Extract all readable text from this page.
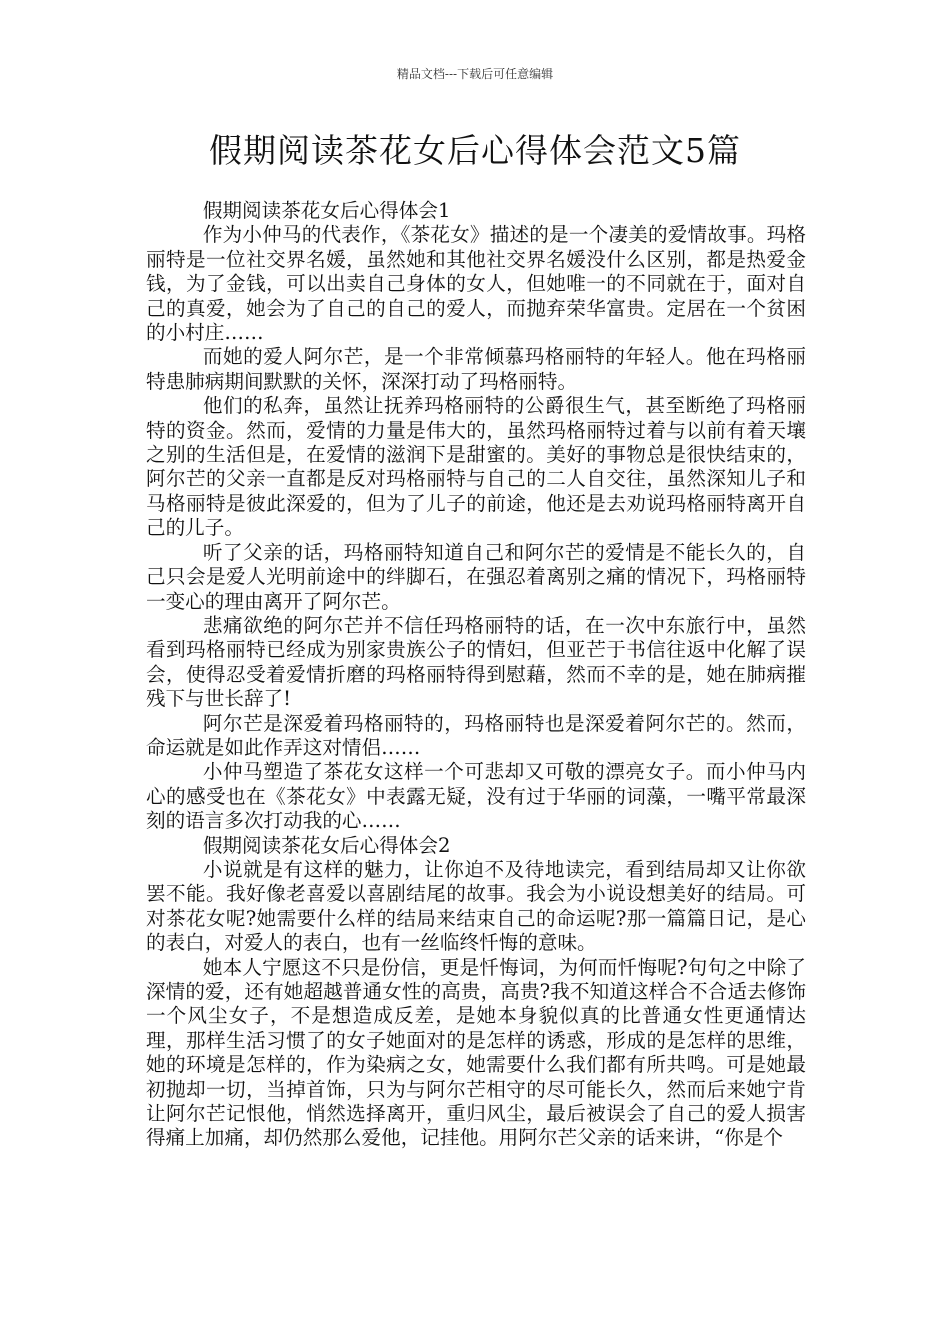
精品文档---下载后可任意编辑
假期阅读茶花女后心得体会范文5篇

假期阅读茶花女后心得体会1

作为小仲马的代表作，《茶花女》描述的是一个凄美的爱情故事。玛格丽特是一位社交界名媛，虽然她和其他社交界名媛没什么区别，都是热爱金钱，为了金钱，可以出卖自己身体的女人，但她唯一的不同就在于，面对自己的真爱，她会为了自己的自己的爱人，而抛弃荣华富贵。定居在一个贫困的小村庄……

而她的爱人阿尔芒，是一个非常倾慕玛格丽特的年轻人。他在玛格丽特患肺病期间默默的关怀，深深打动了玛格丽特。

他们的私奔，虽然让抚养玛格丽特的公爵很生气，甚至断绝了玛格丽特的资金。然而，爱情的力量是伟大的，虽然玛格丽特过着与以前有着天壤之别的生活但是，在爱情的滋润下是甜蜜的。美好的事物总是很快结束的，阿尔芒的父亲一直都是反对玛格丽特与自己的二人自交往，虽然深知儿子和马格丽特是彼此深爱的，但为了儿子的前途，他还是去劝说玛格丽特离开自己的儿子。

听了父亲的话，玛格丽特知道自己和阿尔芒的爱情是不能长久的，自己只会是爱人光明前途中的绊脚石，在强忍着离别之痛的情况下，玛格丽特一变心的理由离开了阿尔芒。

悲痛欲绝的阿尔芒并不信任玛格丽特的话，在一次中东旅行中，虽然看到玛格丽特已经成为别家贵族公子的情妇，但亚芒于书信往返中化解了误会，使得忍受着爱情折磨的玛格丽特得到慰藉，然而不幸的是，她在肺病摧残下与世长辞了!

阿尔芒是深爱着玛格丽特的，玛格丽特也是深爱着阿尔芒的。然而，命运就是如此作弄这对情侣……

小仲马塑造了茶花女这样一个可悲却又可敬的漂亮女子。而小仲马内心的感受也在《茶花女》中表露无疑，没有过于华丽的词藻，一嘴平常最深刻的语言多次打动我的心……

假期阅读茶花女后心得体会2

小说就是有这样的魅力，让你迫不及待地读完，看到结局却又让你欲罢不能。我好像老喜爱以喜剧结尾的故事。我会为小说设想美好的结局。可对茶花女呢?她需要什么样的结局来结束自己的命运呢?那一篇篇日记，是心的表白，对爱人的表白，也有一丝临终忏悔的意味。

她本人宁愿这不只是份信，更是忏悔词，为何而忏悔呢?句句之中除了深情的爱，还有她超越普通女性的高贵，高贵?我不知道这样合不合适去修饰一个风尘女子，不是想造成反差，是她本身貌似真的比普通女性更通情达理，那样生活习惯了的女子她面对的是怎样的诱惑，形成的是怎样的思维，她的环境是怎样的，作为染病之女，她需要什么我们都有所共鸣。可是她最初抛却一切，当掉首饰，只为与阿尔芒相守的尽可能长久，然而后来她宁肯让阿尔芒记恨他，悄然选择离开，重归风尘，最后被误会了自己的爱人损害得痛上加痛，却仍然那么爱他，记挂他。用阿尔芒父亲的话来讲，“你是个
